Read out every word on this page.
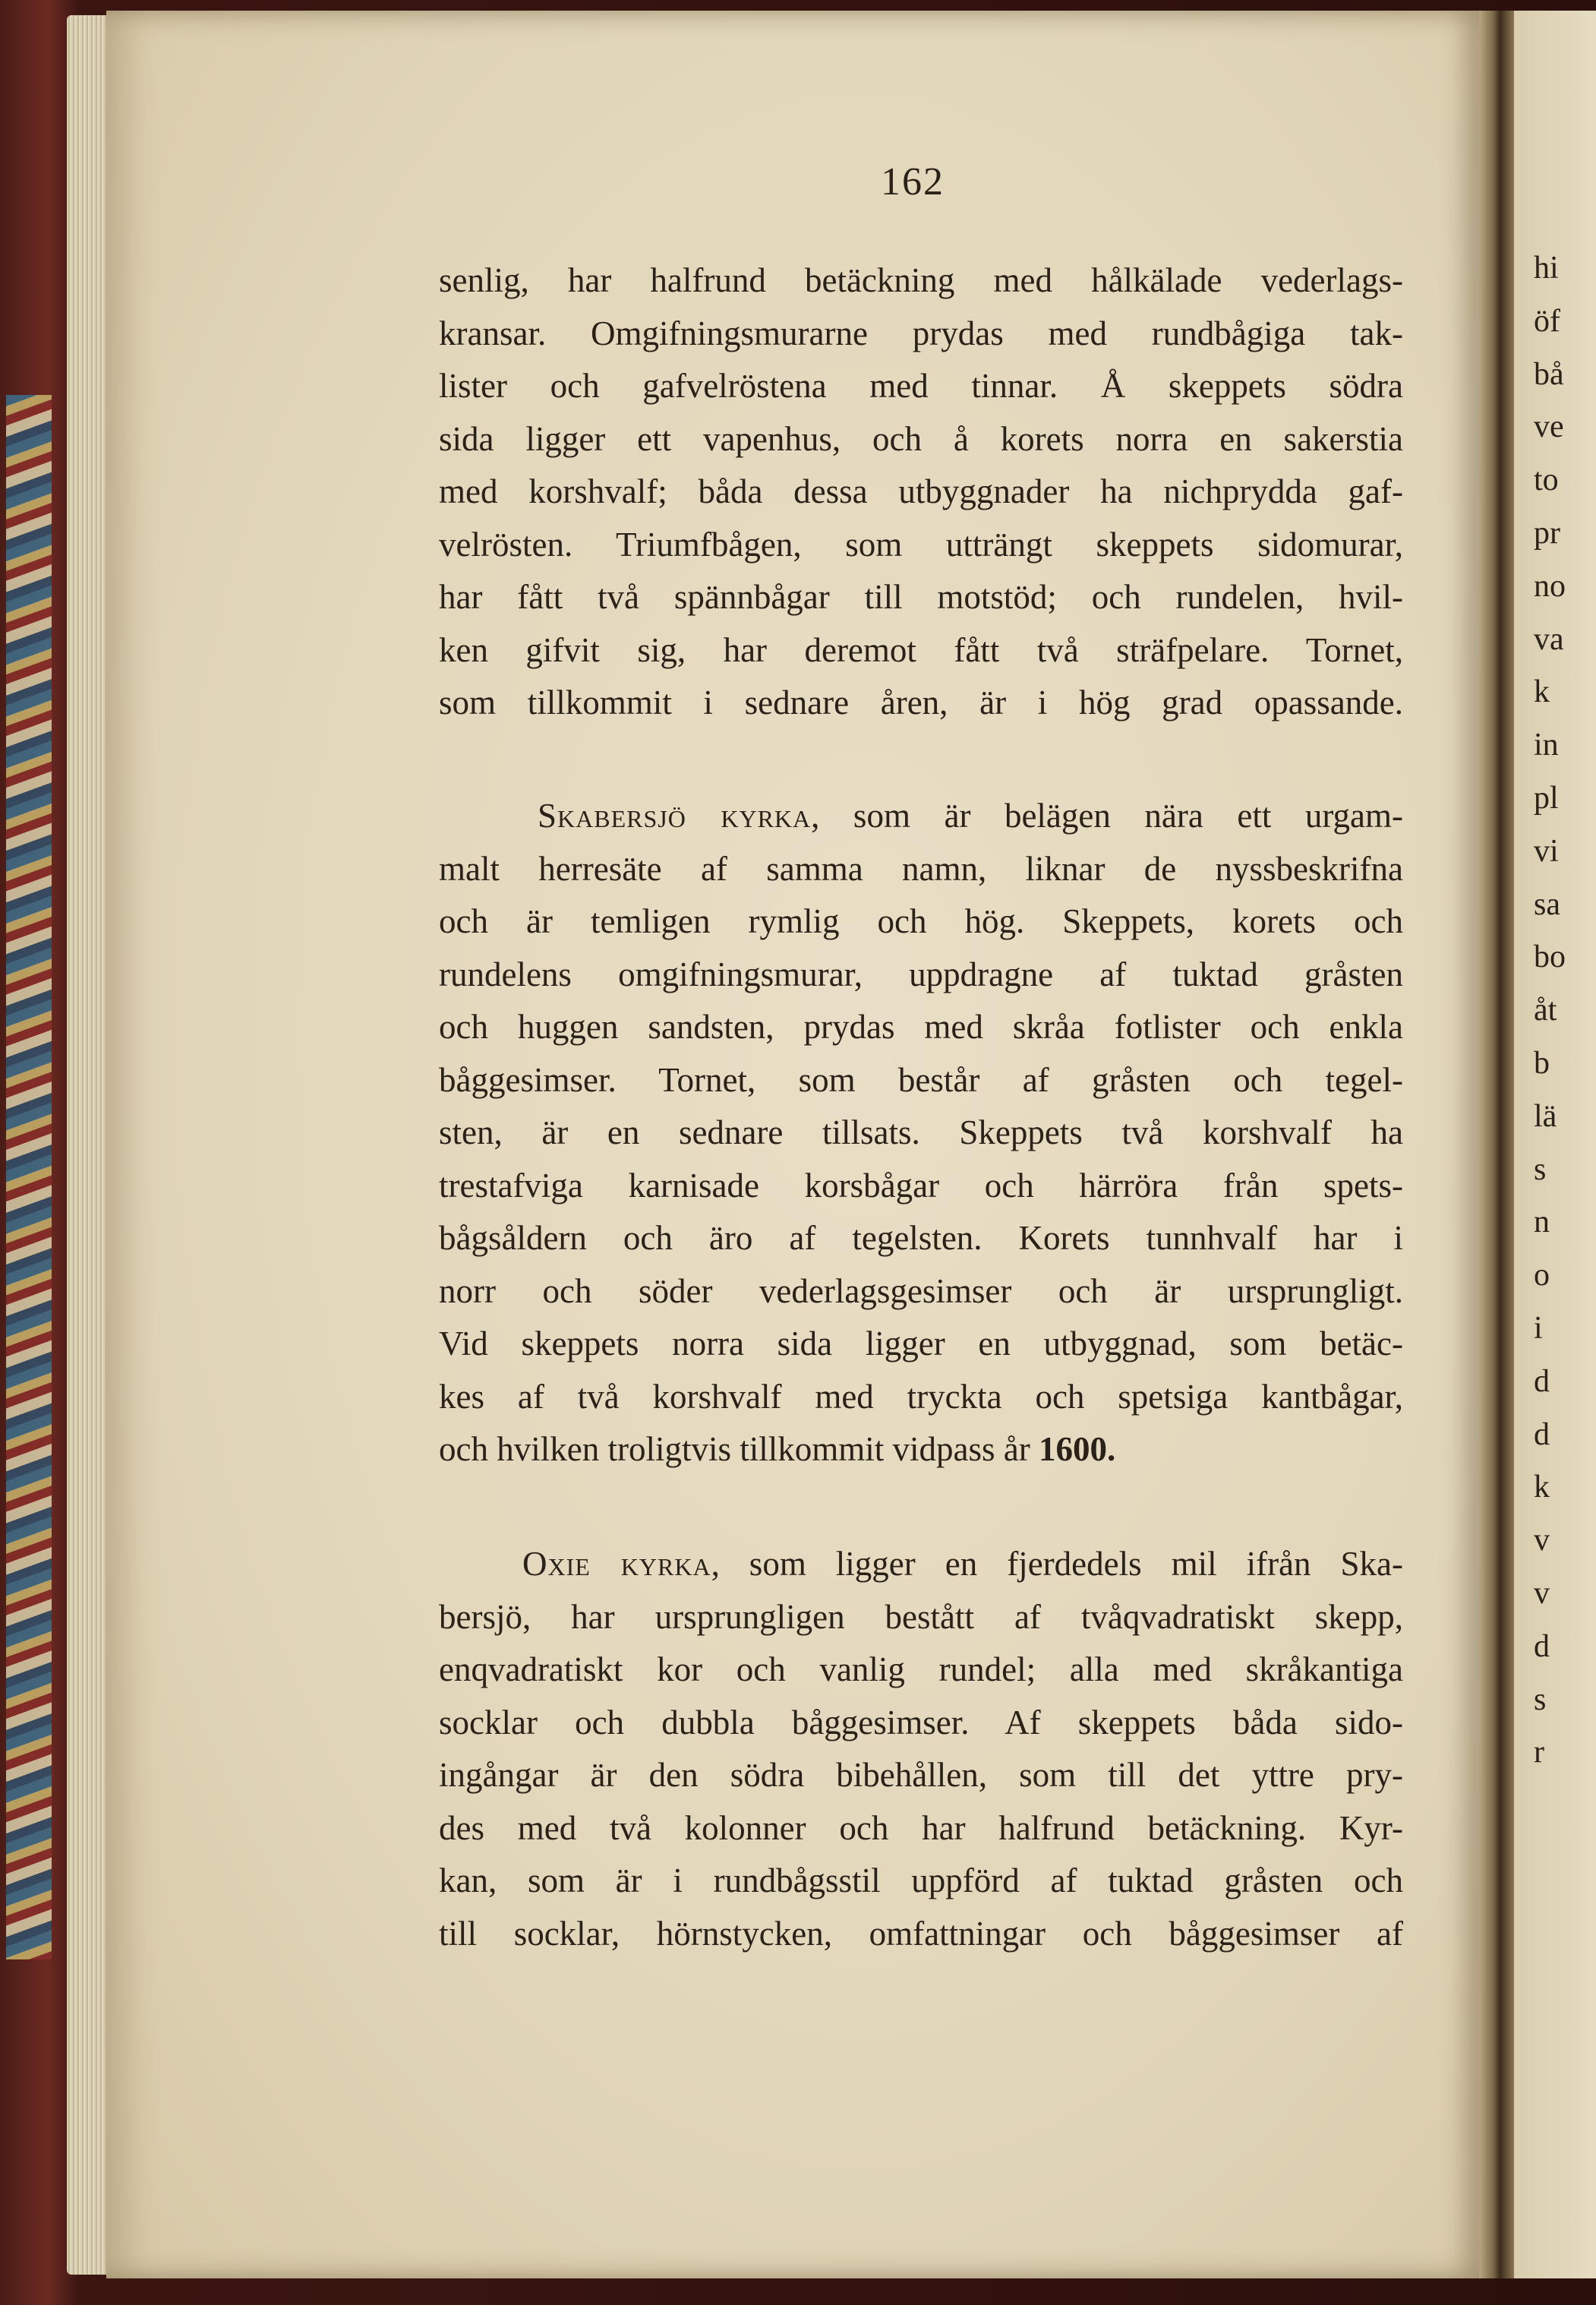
hi
öf
bå
ve
to
pr
no
va
k
in
pl
vi
sa
bo
åt
b
lä
s
n
o
i
d
d
k
v
v
d
s
r
162
senlig, har halfrund betäckning med hålkälade vederlags-
kransar. Omgifningsmurarne prydas med rundbågiga tak-
lister och gafvelröstena med tinnar. Å skeppets södra
sida ligger ett vapenhus, och å korets norra en sakerstia
med korshvalf; båda dessa utbyggnader ha nichprydda gaf-
velrösten. Triumfbågen, som utträngt skeppets sidomurar,
har fått två spännbågar till motstöd; och rundelen, hvil-
ken gifvit sig, har deremot fått två sträfpelare. Tornet,
som tillkommit i sednare åren, är i hög grad opassande.
Skabersjö kyrka, som är belägen nära ett urgam-
malt herresäte af samma namn, liknar de nyssbeskrifna
och är temligen rymlig och hög. Skeppets, korets och
rundelens omgifningsmurar, uppdragne af tuktad gråsten
och huggen sandsten, prydas med skråa fotlister och enkla
båggesimser. Tornet, som består af gråsten och tegel-
sten, är en sednare tillsats. Skeppets två korshvalf ha
trestafviga karnisade korsbågar och härröra från spets-
bågsåldern och äro af tegelsten. Korets tunnhvalf har i
norr och söder vederlagsgesimser och är ursprungligt.
Vid skeppets norra sida ligger en utbyggnad, som betäc-
kes af två korshvalf med tryckta och spetsiga kantbågar,
och hvilken troligtvis tillkommit vidpass år 1600.
Oxie kyrka, som ligger en fjerdedels mil ifrån Ska-
bersjö, har ursprungligen bestått af tvåqvadratiskt skepp,
enqvadratiskt kor och vanlig rundel; alla med skråkantiga
socklar och dubbla båggesimser. Af skeppets båda sido-
ingångar är den södra bibehållen, som till det yttre pry-
des med två kolonner och har halfrund betäckning. Kyr-
kan, som är i rundbågsstil uppförd af tuktad gråsten och
till socklar, hörnstycken, omfattningar och båggesimser af
